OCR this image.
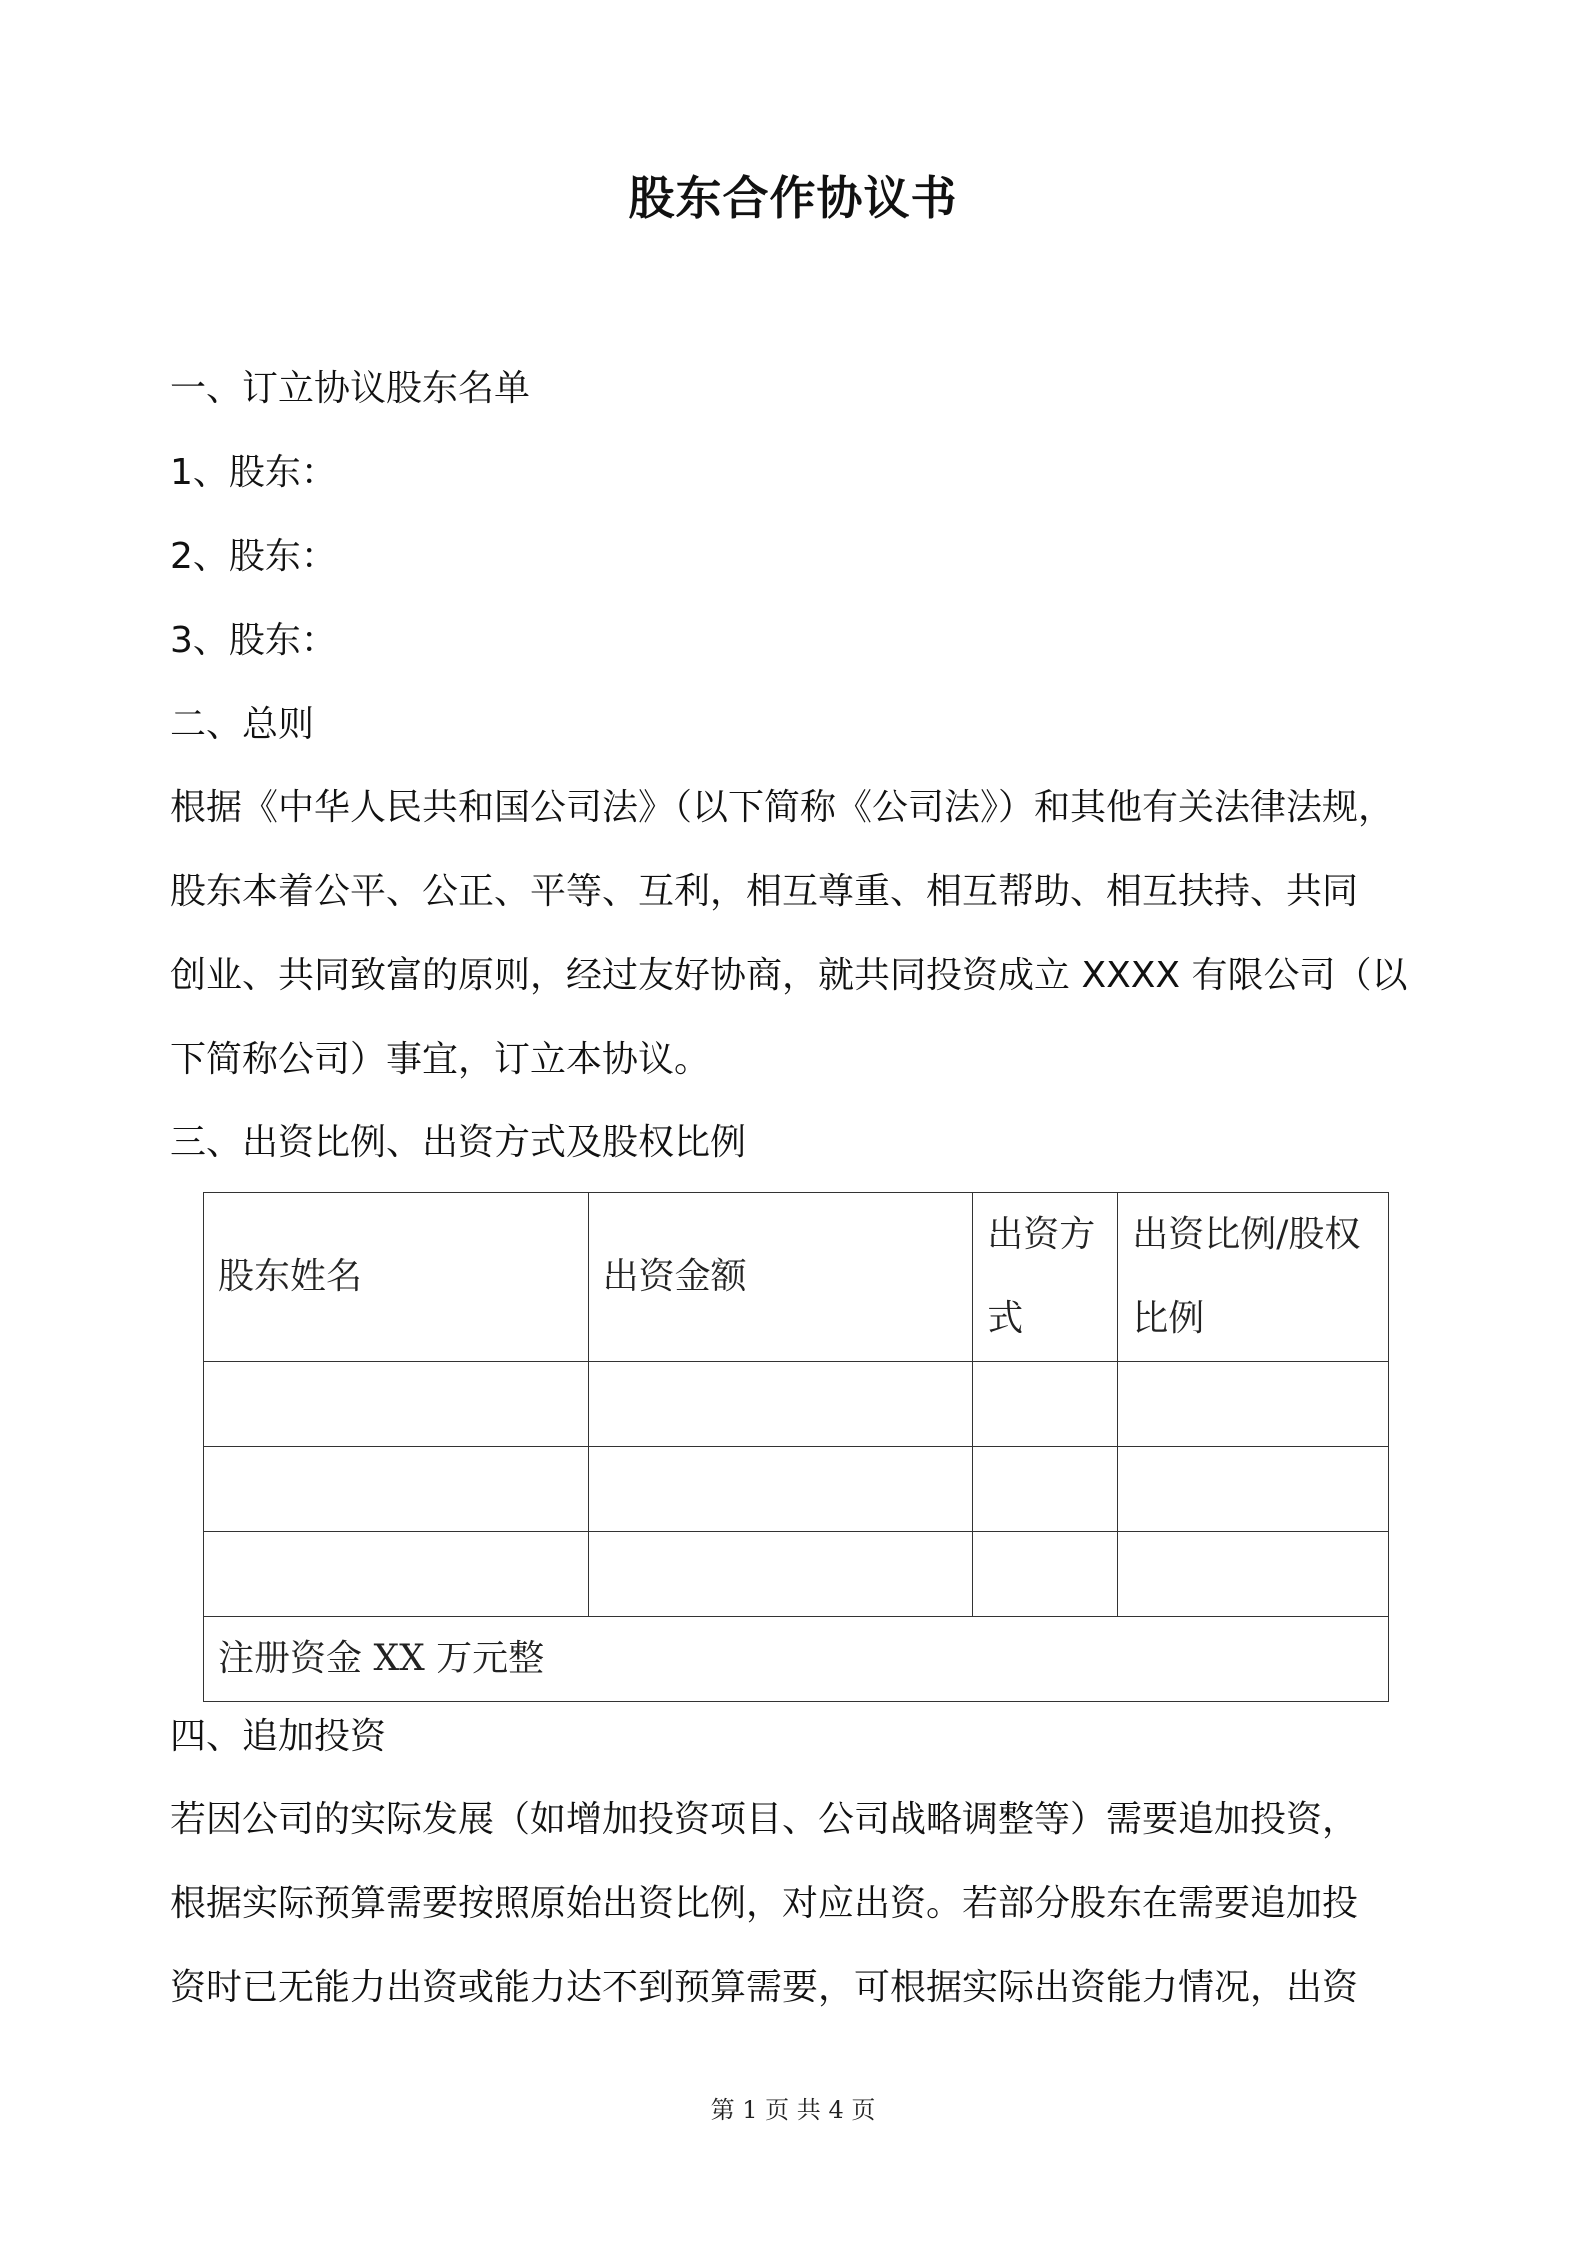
股东合作协议书
一、订立协议股东名单
1、股东：
2、股东：
3、股东：
二、总则
根据《中华人民共和国公司法》（以下简称《公司法》）和其他有关法律法规，
股东本着公平、公正、平等、互利，相互尊重、相互帮助、相互扶持、共同
创业、共同致富的原则，经过友好协商，就共同投资成立 XXXX 有限公司（以
下简称公司）事宜，订立本协议。
三、出资比例、出资方式及股权比例
股东姓名	出资金额	出资方式	出资比例/股权比例

注册资金 XX 万元整			
四、追加投资
若因公司的实际发展（如增加投资项目、公司战略调整等）需要追加投资，
根据实际预算需要按照原始出资比例，对应出资。若部分股东在需要追加投
资时已无能力出资或能力达不到预算需要，可根据实际出资能力情况，出资
第 1 页 共 4 页
